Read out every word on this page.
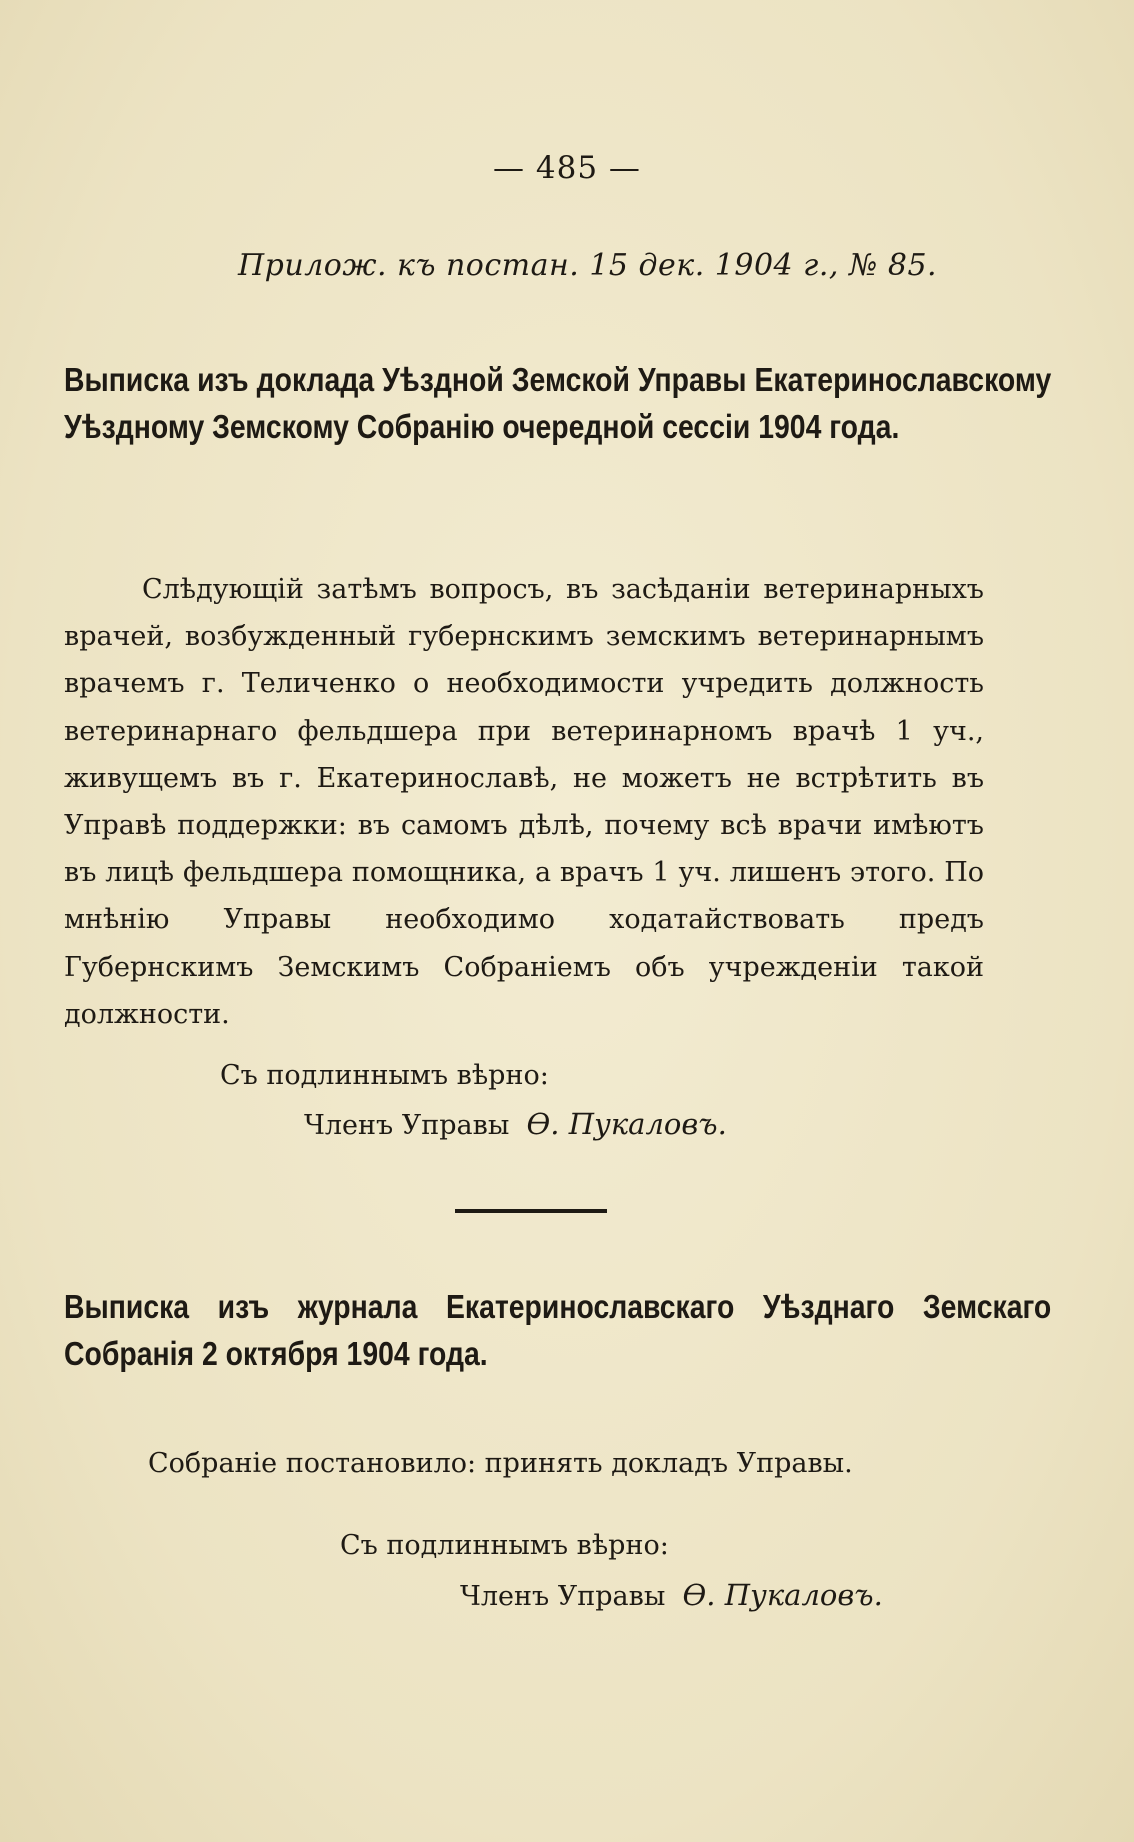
— 485 —
Прилож. къ постан. 15 дек. 1904 г., № 85.
Выписка изъ доклада Уѣздной Земской Управы Екатеринославскому Уѣздному Земскому Собранію очередной сессіи 1904 года.
Слѣдующій затѣмъ вопросъ, въ засѣданіи ветеринарныхъ врачей, возбужденный губернскимъ земскимъ ветеринарнымъ врачемъ г. Теличенко о необходимости учредить должность ветеринарнаго фельдшера при ветеринарномъ врачѣ 1 уч., живущемъ въ г. Екатеринославѣ, не можетъ не встрѣтить въ Управѣ поддержки: въ самомъ дѣлѣ, почему всѣ врачи имѣютъ въ лицѣ фельдшера помощника, а врачъ 1 уч. лишенъ этого. По мнѣнію Управы необходимо ходатайствовать предъ Губернскимъ Земскимъ Собраніемъ объ учрежденіи такой должности.
Съ подлиннымъ вѣрно:
Членъ Управы Ѳ. Пукаловъ.
Выписка изъ журнала Екатеринославскаго Уѣзднаго Земскаго Собранія 2 октября 1904 года.
Собраніе постановило: принять докладъ Управы.
Съ подлиннымъ вѣрно:
Членъ Управы Ѳ. Пукаловъ.
